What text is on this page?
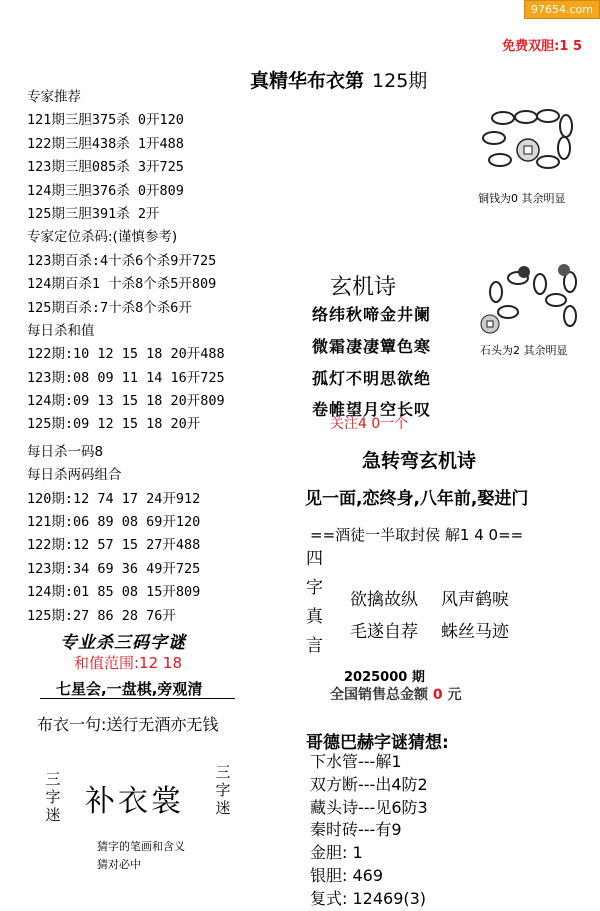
97654.com
免费双胆:1 5
真精华布衣第 125期
专家推荐
121期三胆375杀 0开120
122期三胆438杀 1开488
123期三胆085杀 3开725
124期三胆376杀 0开809
125期三胆391杀 2开
专家定位杀码:(谨慎参考)
123期百杀:4十杀6个杀9开725
124期百杀1 十杀8个杀5开809
125期百杀:7十杀8个杀6开
每日杀和值
122期:10 12 15 18 20开488
123期:08 09 11 14 16开725
124期:09 13 15 18 20开809
125期:09 12 15 18 20开
每日杀一码8
每日杀两码组合
120期:12 74 17 24开912
121期:06 89 08 69开120
122期:12 57 15 27开488
123期:34 69 36 49开725
124期:01 85 08 15开809
125期:27 86 28 76开
专业杀三码字谜
和值范围:12 18
七星会,一盘棋,旁观清
布衣一句:送行无酒亦无钱
三字迷 补衣裳
三字迷
猜字的笔画和含义
猜对必中
铜钱为0 其余明显
石头为2 其余明显
玄机诗
络纬秋啼金井阑
微霜凄凄簟色寒
孤灯不明思欲绝
卷帷望月空长叹
关注4 0一个
急转弯玄机诗
见一面,恋终身,八年前,娶进门
==酒徒一半取封侯 解1 4 0==
四字真言
欲擒故纵 风声鹤唳
毛遂自荐 蛛丝马迹
2025000 期
全国销售总金额 0 元
哥德巴赫字谜猜想:
下水管---解1
双方断---出4防2
藏头诗---见6防3
秦时砖---有9
金胆: 1
银胆: 469
复式: 12469(3)
